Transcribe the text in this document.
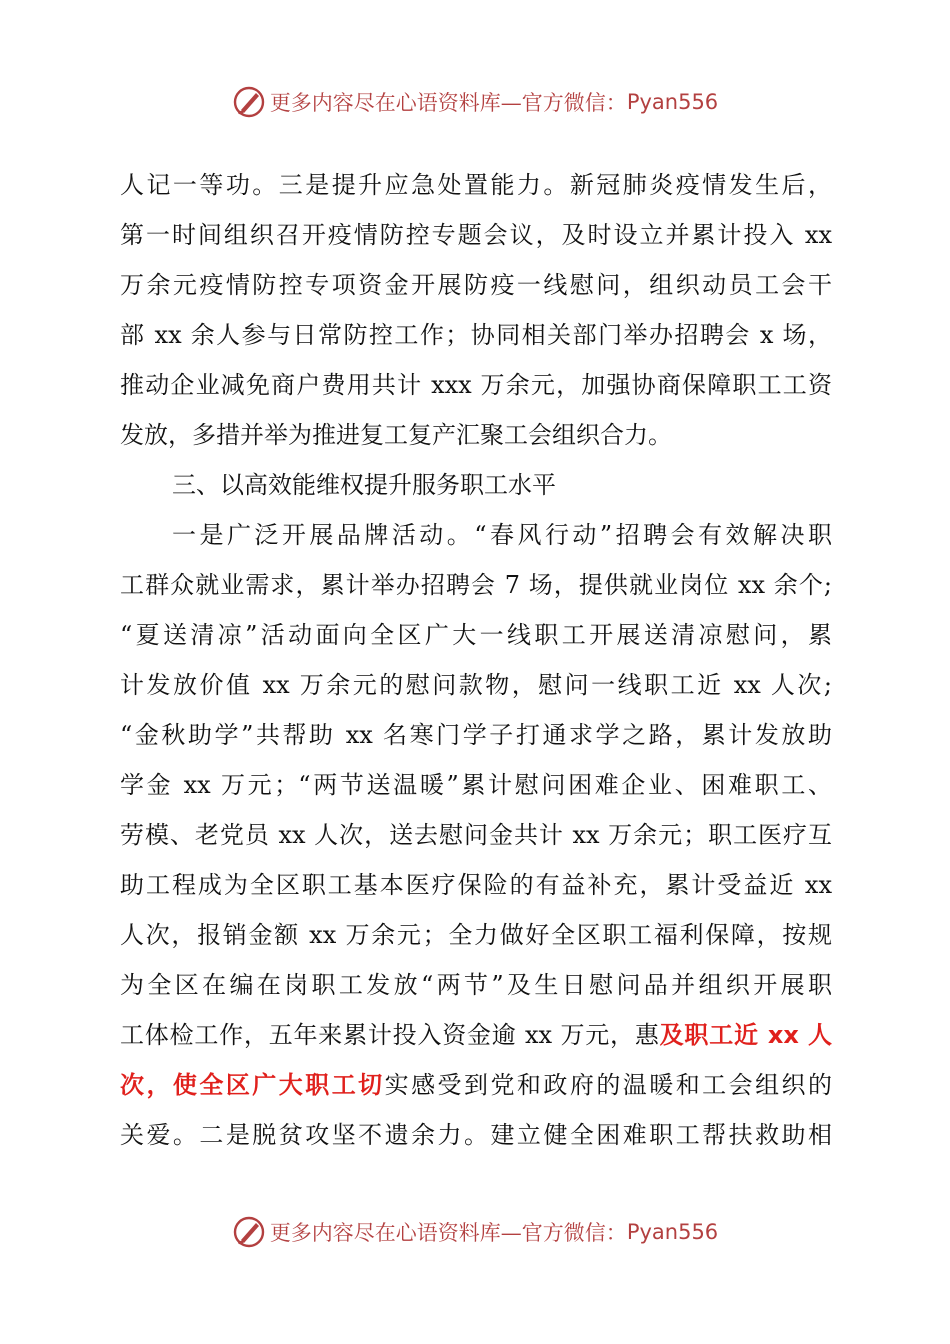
更多内容尽在心语资料库—官方微信： Pyan556
人记一等功。三是提升应急处置能力。新冠肺炎疫情发生后，
第一时间组织召开疫情防控专题会议，及时设立并累计投入 xx
万余元疫情防控专项资金开展防疫一线慰问，组织动员工会干
部 xx 余人参与日常防控工作；协同相关部门举办招聘会 x 场，
推动企业减免商户费用共计 xxx 万余元，加强协商保障职工工资
发放，多措并举为推进复工复产汇聚工会组织合力。
三、以高效能维权提升服务职工水平
一是广泛开展品牌活动。“春风行动”招聘会有效解决职
工群众就业需求，累计举办招聘会 7 场，提供就业岗位 xx 余个;
“夏送清凉”活动面向全区广大一线职工开展送清凉慰问，累
计发放价值 xx 万余元的慰问款物，慰问一线职工近 xx 人次;
“金秋助学”共帮助 xx 名寒门学子打通求学之路，累计发放助
学金 xx 万元；“两节送温暖”累计慰问困难企业、困难职工、
劳模、老党员 xx 人次，送去慰问金共计 xx 万余元；职工医疗互
助工程成为全区职工基本医疗保险的有益补充，累计受益近 xx
人次，报销金额 xx 万余元；全力做好全区职工福利保障，按规
为全区在编在岗职工发放“两节”及生日慰问品并组织开展职
工体检工作，五年来累计投入资金逾 xx 万元，惠及职工近 xx 人
次，使全区广大职工切实感受到党和政府的温暖和工会组织的
关爱。二是脱贫攻坚不遗余力。建立健全困难职工帮扶救助相
更多内容尽在心语资料库—官方微信： Pyan556
